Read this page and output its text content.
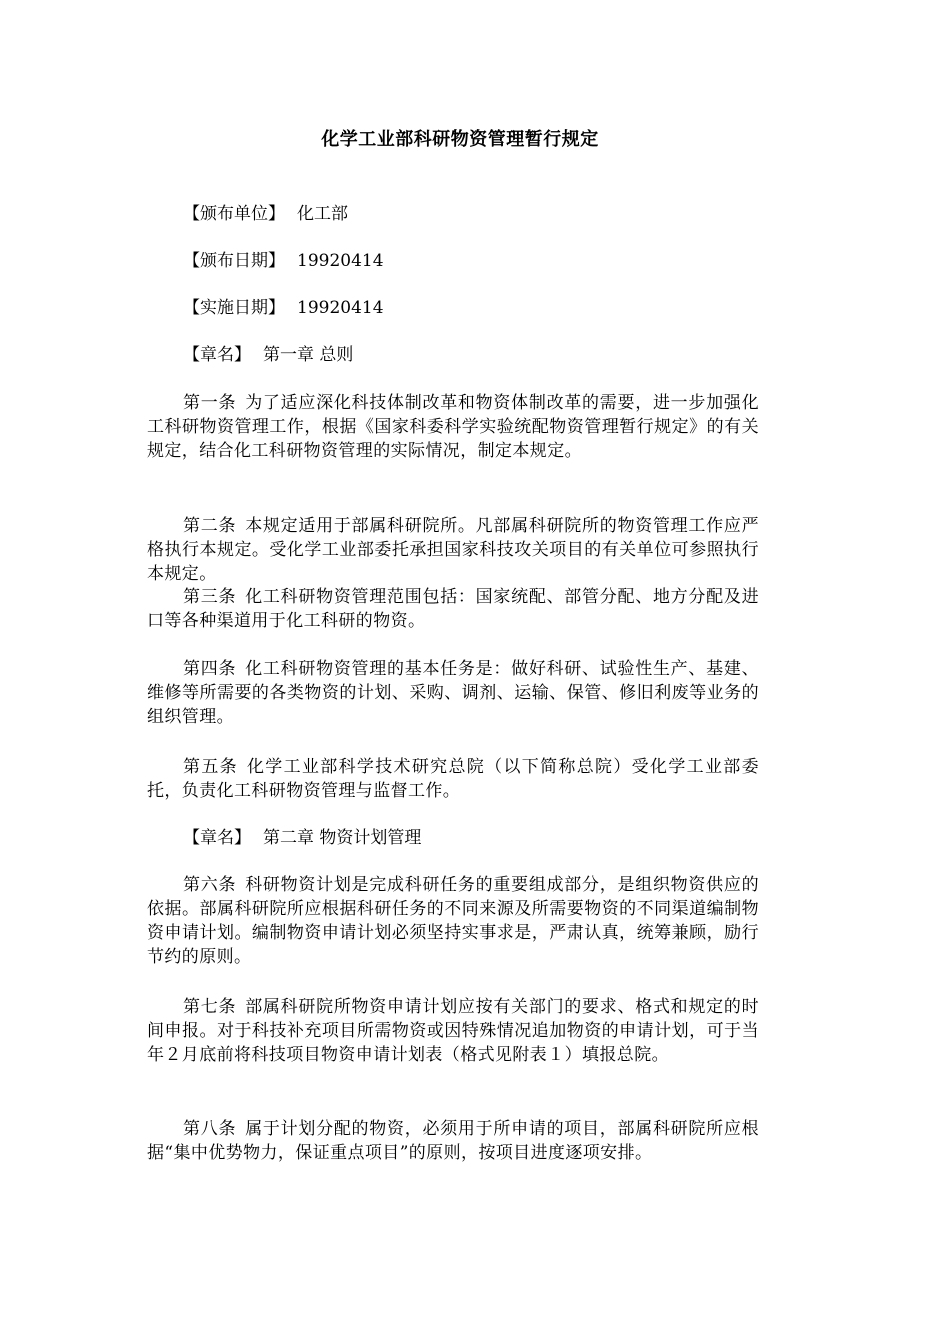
化学工业部科研物资管理暂行规定
【颁布单位】 化工部
【颁布日期】 19920414
【实施日期】 19920414
【章名】 第一章 总则
第一条 为了适应深化科技体制改革和物资体制改革的需要，进一步加强化工科研物资管理工作，根据《国家科委科学实验统配物资管理暂行规定》的有关规定，结合化工科研物资管理的实际情况，制定本规定。
第二条 本规定适用于部属科研院所。凡部属科研院所的物资管理工作应严格执行本规定。受化学工业部委托承担国家科技攻关项目的有关单位可参照执行本规定。
第三条 化工科研物资管理范围包括：国家统配、部管分配、地方分配及进口等各种渠道用于化工科研的物资。
第四条 化工科研物资管理的基本任务是：做好科研、试验性生产、基建、维修等所需要的各类物资的计划、采购、调剂、运输、保管、修旧利废等业务的组织管理。
第五条 化学工业部科学技术研究总院（以下简称总院）受化学工业部委托，负责化工科研物资管理与监督工作。
【章名】 第二章 物资计划管理
第六条 科研物资计划是完成科研任务的重要组成部分，是组织物资供应的依据。部属科研院所应根据科研任务的不同来源及所需要物资的不同渠道编制物资申请计划。编制物资申请计划必须坚持实事求是，严肃认真，统筹兼顾，励行节约的原则。
第七条 部属科研院所物资申请计划应按有关部门的要求、格式和规定的时间申报。对于科技补充项目所需物资或因特殊情况追加物资的申请计划，可于当年２月底前将科技项目物资申请计划表（格式见附表１）填报总院。
第八条 属于计划分配的物资，必须用于所申请的项目，部属科研院所应根据“集中优势物力，保证重点项目”的原则，按项目进度逐项安排。
